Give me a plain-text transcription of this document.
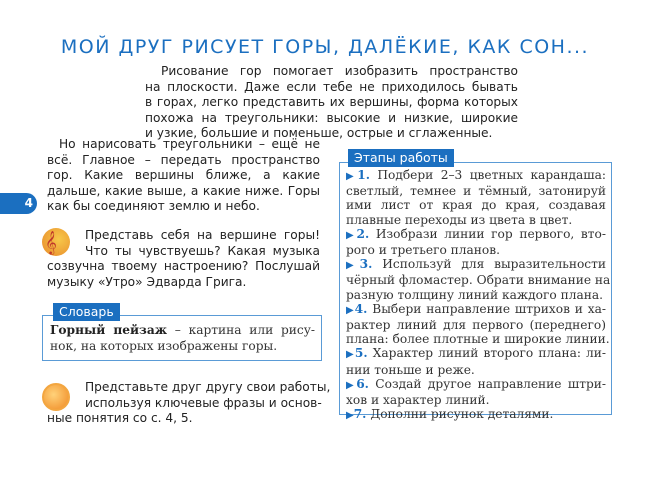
МОЙ ДРУГ РИСУЕТ ГОРЫ, ДАЛЁКИЕ, КАК СОН...
Рисование гор помогает изобразить пространство
на плоскости. Даже если тебе не приходилось бывать
в горах, легко представить их вершины, форма которых
похожа на треугольники: высокие и низкие, широкие
и узкие, большие и поменьше, острые и сглаженные.
Но нарисовать треугольники – ещё не
всё. Главное – передать пространство
гор. Какие вершины ближе, а какие
дальше, какие выше, а какие ниже. Горы
как бы соединяют землю и небо.
4
𝄞	Представь себя на вершине горы!
Что ты чувствуешь? Какая музыка
созвучна твоему настроению? Послушай
музыку «Утро» Эдварда Грига.
Словарь
Горный пейзаж – картина или рису-
нок, на которых изображены горы.
Представьте друг другу свои работы,
используя ключевые фразы и основ-
ные понятия со с. 4, 5.
Этапы работы
▶1. Подбери 2–3 цветных карандаша:
светлый, темнее и тёмный, затонируй
ими лист от края до края, создавая
плавные переходы из цвета в цвет.
▶2. Изобрази линии гор первого, вто-
рого и третьего планов.
▶3. Используй для выразительности
чёрный фломастер. Обрати внимание на
разную толщину линий каждого плана.
▶4. Выбери направление штрихов и ха-
рактер линий для первого (переднего)
плана: более плотные и широкие линии.
▶5. Характер линий второго плана: ли-
нии тоньше и реже.
▶6. Создай другое направление штри-
хов и характер линий.
▶7. Дополни рисунок деталями.
